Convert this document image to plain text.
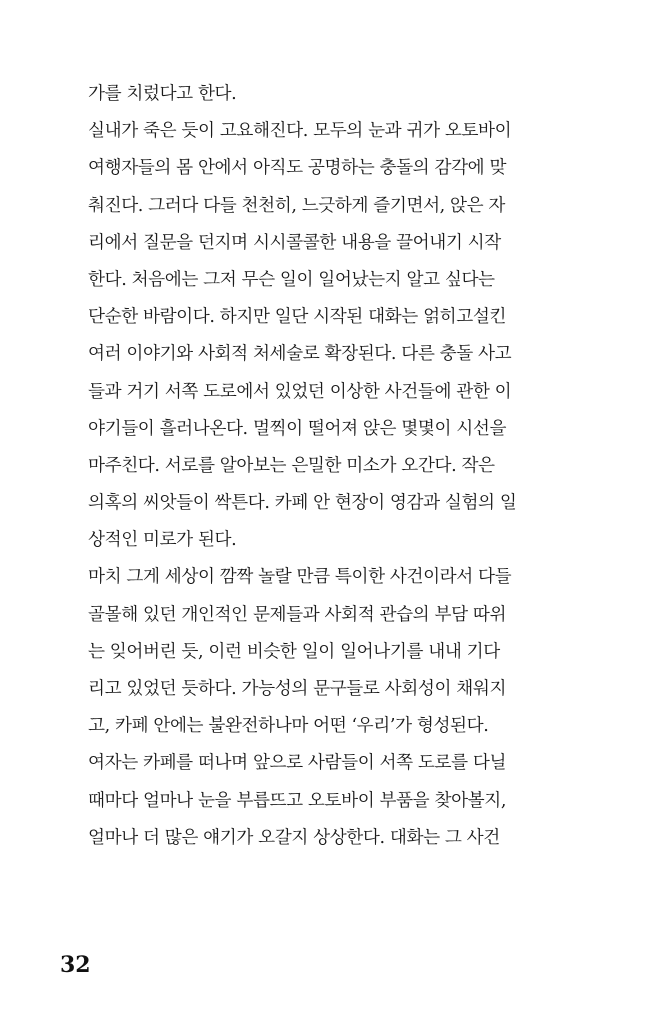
가를 치렀다고 한다.
실내가 죽은 듯이 고요해진다. 모두의 눈과 귀가 오토바이
여행자들의 몸 안에서 아직도 공명하는 충돌의 감각에 맞
춰진다. 그러다 다들 천천히, 느긋하게 즐기면서, 앉은 자
리에서 질문을 던지며 시시콜콜한 내용을 끌어내기 시작
한다. 처음에는 그저 무슨 일이 일어났는지 알고 싶다는
단순한 바람이다. 하지만 일단 시작된 대화는 얽히고설킨
여러 이야기와 사회적 처세술로 확장된다. 다른 충돌 사고
들과 거기 서쪽 도로에서 있었던 이상한 사건들에 관한 이
야기들이 흘러나온다. 멀찍이 떨어져 앉은 몇몇이 시선을
마주친다. 서로를 알아보는 은밀한 미소가 오간다. 작은
의혹의 씨앗들이 싹튼다. 카페 안 현장이 영감과 실험의 일
상적인 미로가 된다.
마치 그게 세상이 깜짝 놀랄 만큼 특이한 사건이라서 다들
골몰해 있던 개인적인 문제들과 사회적 관습의 부담 따위
는 잊어버린 듯, 이런 비슷한 일이 일어나기를 내내 기다
리고 있었던 듯하다. 가능성의 문구들로 사회성이 채워지
고, 카페 안에는 불완전하나마 어떤 ‘우리’가 형성된다.
여자는 카페를 떠나며 앞으로 사람들이 서쪽 도로를 다닐
때마다 얼마나 눈을 부릅뜨고 오토바이 부품을 찾아볼지,
얼마나 더 많은 얘기가 오갈지 상상한다. 대화는 그 사건
32
